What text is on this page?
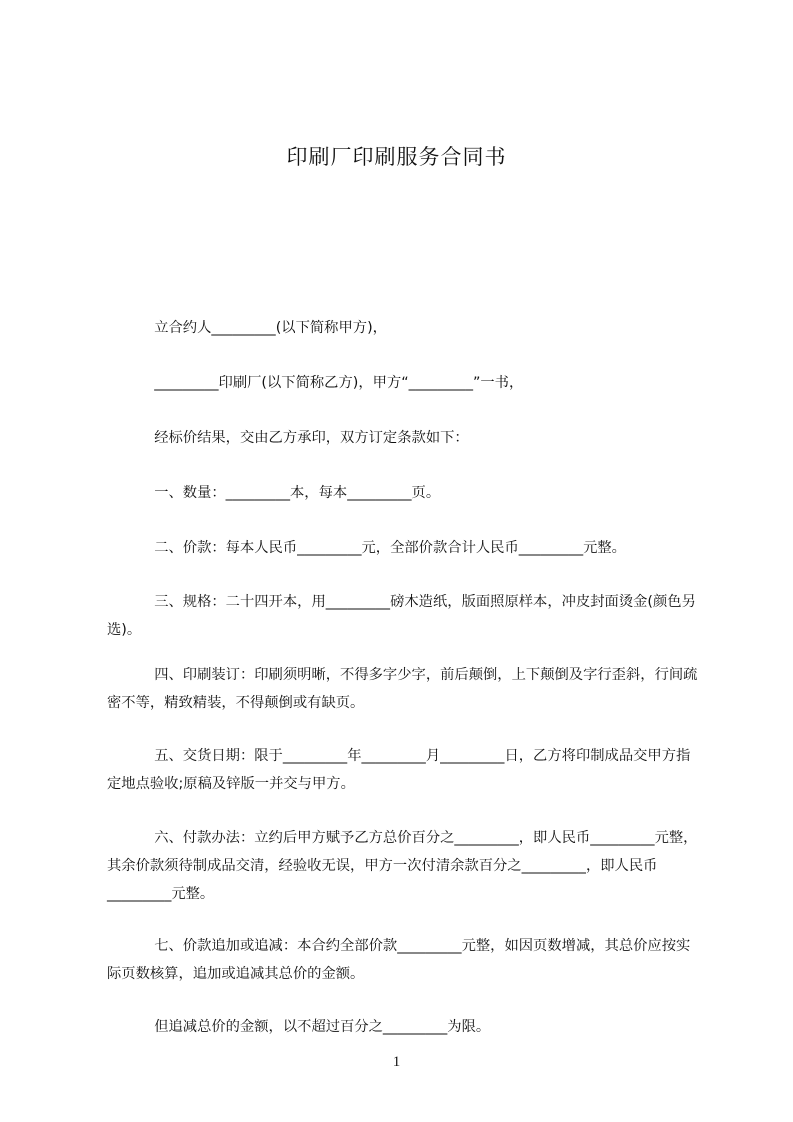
印刷厂印刷服务合同书

立合约人_________(以下简称甲方)，

_________印刷厂(以下简称乙方)，甲方“_________”一书，

经标价结果，交由乙方承印，双方订定条款如下：

一、数量：_________本，每本_________页。

二、价款：每本人民币_________元，全部价款合计人民币_________元整。

三、规格：二十四开本，用_________磅木造纸，版面照原样本，冲皮封面烫金(颜色另选)。

四、印刷装订：印刷须明晰，不得多字少字，前后颠倒，上下颠倒及字行歪斜，行间疏密不等，精致精装，不得颠倒或有缺页。

五、交货日期：限于_________年_________月_________日，乙方将印制成品交甲方指定地点验收;原稿及锌版一并交与甲方。

六、付款办法：立约后甲方赋予乙方总价百分之_________，即人民币_________元整，其余价款须待制成品交清，经验收无误，甲方一次付清余款百分之_________，即人民币_________元整。

七、价款追加或追减：本合约全部价款_________元整，如因页数增减，其总价应按实际页数核算，追加或追减其总价的金额。

但追减总价的金额，以不超过百分之_________为限。

1
